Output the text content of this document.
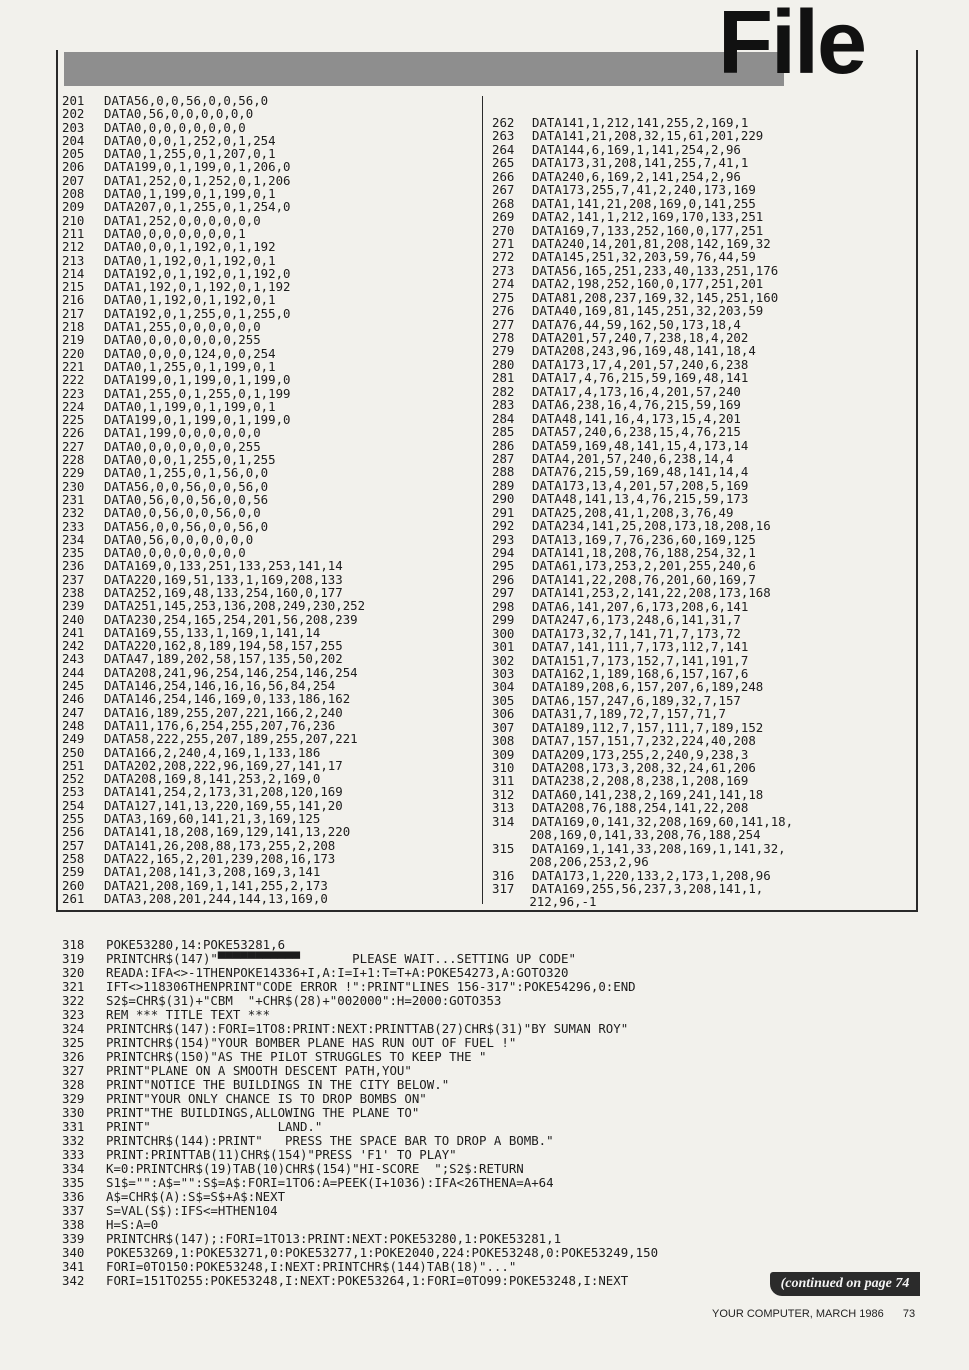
File
201 DATA56,0,0,56,0,0,56,0
202 DATA0,56,0,0,0,0,0,0
203 DATA0,0,0,0,0,0,0,0
204 DATA0,0,0,1,252,0,1,254
205 DATA0,1,255,0,1,207,0,1
206 DATA199,0,1,199,0,1,206,0
207 DATA1,252,0,1,252,0,1,206
208 DATA0,1,199,0,1,199,0,1
209 DATA207,0,1,255,0,1,254,0
210 DATA1,252,0,0,0,0,0,0
211 DATA0,0,0,0,0,0,0,1
212 DATA0,0,0,1,192,0,1,192
213 DATA0,1,192,0,1,192,0,1
214 DATA192,0,1,192,0,1,192,0
215 DATA1,192,0,1,192,0,1,192
216 DATA0,1,192,0,1,192,0,1
217 DATA192,0,1,255,0,1,255,0
218 DATA1,255,0,0,0,0,0,0
219 DATA0,0,0,0,0,0,0,255
220 DATA0,0,0,0,124,0,0,254
221 DATA0,1,255,0,1,199,0,1
222 DATA199,0,1,199,0,1,199,0
223 DATA1,255,0,1,255,0,1,199
224 DATA0,1,199,0,1,199,0,1
225 DATA199,0,1,199,0,1,199,0
226 DATA1,199,0,0,0,0,0,0
227 DATA0,0,0,0,0,0,0,255
228 DATA0,0,0,1,255,0,1,255
229 DATA0,1,255,0,1,56,0,0
230 DATA56,0,0,56,0,0,56,0
231 DATA0,56,0,0,56,0,0,56
232 DATA0,0,56,0,0,56,0,0
233 DATA56,0,0,56,0,0,56,0
234 DATA0,56,0,0,0,0,0,0
235 DATA0,0,0,0,0,0,0,0
236 DATA169,0,133,251,133,253,141,14
237 DATA220,169,51,133,1,169,208,133
238 DATA252,169,48,133,254,160,0,177
239 DATA251,145,253,136,208,249,230,252
240 DATA230,254,165,254,201,56,208,239
241 DATA169,55,133,1,169,1,141,14
242 DATA220,162,8,189,194,58,157,255
243 DATA47,189,202,58,157,135,50,202
244 DATA208,241,96,254,146,254,146,254
245 DATA146,254,146,16,16,56,84,254
246 DATA146,254,146,169,0,133,186,162
247 DATA16,189,255,207,221,166,2,240
248 DATA11,176,6,254,255,207,76,236
249 DATA58,222,255,207,189,255,207,221
250 DATA166,2,240,4,169,1,133,186
251 DATA202,208,222,96,169,27,141,17
252 DATA208,169,8,141,253,2,169,0
253 DATA141,254,2,173,31,208,120,169
254 DATA127,141,13,220,169,55,141,20
255 DATA3,169,60,141,21,3,169,125
256 DATA141,18,208,169,129,141,13,220
257 DATA141,26,208,88,173,255,2,208
258 DATA22,165,2,201,239,208,16,173
259 DATA1,208,141,3,208,169,3,141
260 DATA21,208,169,1,141,255,2,173
261 DATA3,208,201,244,144,13,169,0
262 DATA141,1,212,141,255,2,169,1
263 DATA141,21,208,32,15,61,201,229
264 DATA144,6,169,1,141,254,2,96
265 DATA173,31,208,141,255,7,41,1
266 DATA240,6,169,2,141,254,2,96
267 DATA173,255,7,41,2,240,173,169
268 DATA1,141,21,208,169,0,141,255
269 DATA2,141,1,212,169,170,133,251
270 DATA169,7,133,252,160,0,177,251
271 DATA240,14,201,81,208,142,169,32
272 DATA145,251,32,203,59,76,44,59
273 DATA56,165,251,233,40,133,251,176
274 DATA2,198,252,160,0,177,251,201
275 DATA81,208,237,169,32,145,251,160
276 DATA40,169,81,145,251,32,203,59
277 DATA76,44,59,162,50,173,18,4
278 DATA201,57,240,7,238,18,4,202
279 DATA208,243,96,169,48,141,18,4
280 DATA173,17,4,201,57,240,6,238
281 DATA17,4,76,215,59,169,48,141
282 DATA17,4,173,16,4,201,57,240
283 DATA6,238,16,4,76,215,59,169
284 DATA48,141,16,4,173,15,4,201
285 DATA57,240,6,238,15,4,76,215
286 DATA59,169,48,141,15,4,173,14
287 DATA4,201,57,240,6,238,14,4
288 DATA76,215,59,169,48,141,14,4
289 DATA173,13,4,201,57,208,5,169
290 DATA48,141,13,4,76,215,59,173
291 DATA25,208,41,1,208,3,76,49
292 DATA234,141,25,208,173,18,208,16
293 DATA13,169,7,76,236,60,169,125
294 DATA141,18,208,76,188,254,32,1
295 DATA61,173,253,2,201,255,240,6
296 DATA141,22,208,76,201,60,169,7
297 DATA141,253,2,141,22,208,173,168
298 DATA6,141,207,6,173,208,6,141
299 DATA247,6,173,248,6,141,31,7
300 DATA173,32,7,141,71,7,173,72
301 DATA7,141,111,7,173,112,7,141
302 DATA151,7,173,152,7,141,191,7
303 DATA162,1,189,168,6,157,167,6
304 DATA189,208,6,157,207,6,189,248
305 DATA6,157,247,6,189,32,7,157
306 DATA31,7,189,72,7,157,71,7
307 DATA189,112,7,157,111,7,189,152
308 DATA7,157,151,7,232,224,40,208
309 DATA209,173,255,2,240,9,238,3
310 DATA208,173,3,208,32,24,61,206
311 DATA238,2,208,8,238,1,208,169
312 DATA60,141,238,2,169,241,141,18
313 DATA208,76,188,254,141,22,208
314 DATA169,0,141,32,208,169,60,141,18,
208,169,0,141,33,208,76,188,254
315 DATA169,1,141,33,208,169,1,141,32,
208,206,253,2,96
316 DATA173,1,220,133,2,173,1,208,96
317 DATA169,255,56,237,3,208,141,1,
212,96,-1
318 POKE53280,14:POKE53281,6
319 PRINTCHR$(147)"▀▀▀▀▀▀▀▀▀▀▀       PLEASE WAIT...SETTING UP CODE"
320 READA:IFA<>-1THENPOKE14336+I,A:I=I+1:T=T+A:POKE54273,A:GOTO320
321 IFT<>118306THENPRINT"CODE ERROR !":PRINT"LINES 156-317":POKE54296,0:END
322 S2$=CHR$(31)+"CBM  "+CHR$(28)+"002000":H=2000:GOTO353
323 REM *** TITLE TEXT ***
324 PRINTCHR$(147):FORI=1TO8:PRINT:NEXT:PRINTTAB(27)CHR$(31)"BY SUMAN ROY"
325 PRINTCHR$(154)"YOUR BOMBER PLANE HAS RUN OUT OF FUEL !"
326 PRINTCHR$(150)"AS THE PILOT STRUGGLES TO KEEP THE "
327 PRINT"PLANE ON A SMOOTH DESCENT PATH,YOU"
328 PRINT"NOTICE THE BUILDINGS IN THE CITY BELOW."
329 PRINT"YOUR ONLY CHANCE IS TO DROP BOMBS ON"
330 PRINT"THE BUILDINGS,ALLOWING THE PLANE TO"
331 PRINT"                 LAND."
332 PRINTCHR$(144):PRINT"   PRESS THE SPACE BAR TO DROP A BOMB."
333 PRINT:PRINTTAB(11)CHR$(154)"PRESS 'F1' TO PLAY"
334 K=0:PRINTCHR$(19)TAB(10)CHR$(154)"HI-SCORE  ";S2$:RETURN
335 S1$="":A$="":S$=A$:FORI=1TO6:A=PEEK(I+1036):IFA<26THENA=A+64
336 A$=CHR$(A):S$=S$+A$:NEXT
337 S=VAL(S$):IFS<=HTHEN104
338 H=S:A=0
339 PRINTCHR$(147);:FORI=1TO13:PRINT:NEXT:POKE53280,1:POKE53281,1
340 POKE53269,1:POKE53271,0:POKE53277,1:POKE2040,224:POKE53248,0:POKE53249,150
341 FORI=0TO150:POKE53248,I:NEXT:PRINTCHR$(144)TAB(18)"..."
342 FORI=151TO255:POKE53248,I:NEXT:POKE53264,1:FORI=0TO99:POKE53248,I:NEXT	(continued on page 74
YOUR COMPUTER, MARCH 1986 73
